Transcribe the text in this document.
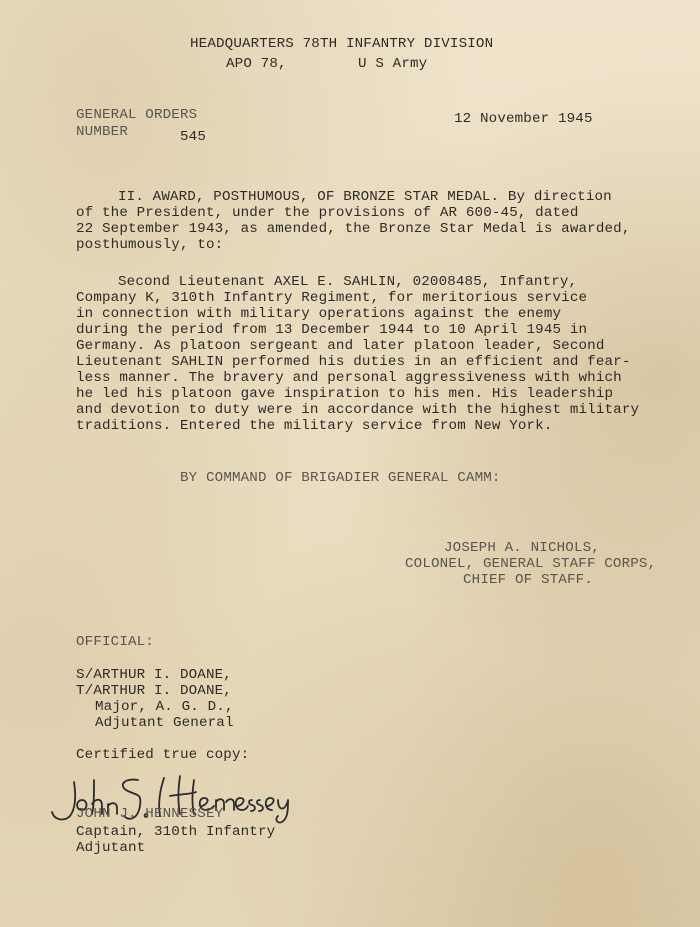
HEADQUARTERS 78TH INFANTRY DIVISION
APO 78,	U S Army
GENERAL ORDERS
NUMBER	545
12 November 1945
II. AWARD, POSTHUMOUS, OF BRONZE STAR MEDAL. By direction
of the President, under the provisions of AR 600-45, dated
22 September 1943, as amended, the Bronze Star Medal is awarded,
posthumously, to:
Second Lieutenant AXEL E. SAHLIN, 02008485, Infantry,
Company K, 310th Infantry Regiment, for meritorious service
in connection with military operations against the enemy
during the period from 13 December 1944 to 10 April 1945 in
Germany. As platoon sergeant and later platoon leader, Second
Lieutenant SAHLIN performed his duties in an efficient and fear-
less manner. The bravery and personal aggressiveness with which
he led his platoon gave inspiration to his men. His leadership
and devotion to duty were in accordance with the highest military
traditions. Entered the military service from New York.
BY COMMAND OF BRIGADIER GENERAL CAMM:
JOSEPH A. NICHOLS,
COLONEL, GENERAL STAFF CORPS,
CHIEF OF STAFF.
OFFICIAL:
S/ARTHUR I. DOANE,
T/ARTHUR I. DOANE,
Major, A. G. D.,
Adjutant General
Certified true copy:
JOHN J. HENNESSEY
Captain, 310th Infantry
Adjutant
